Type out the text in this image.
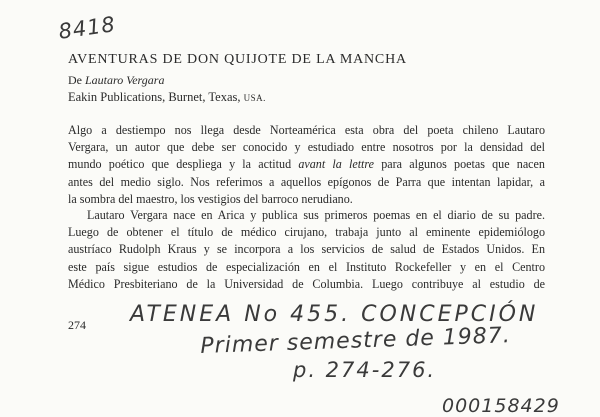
8418
AVENTURAS DE DON QUIJOTE DE LA MANCHA
De Lautaro Vergara
Eakin Publications, Burnet, Texas, USA.
Algo a destiempo nos llega desde Norteamérica esta obra del poeta chileno Lautaro
Vergara, un autor que debe ser conocido y estudiado entre nosotros por la densidad del
mundo poético que despliega y la actitud avant la lettre para algunos poetas que nacen
antes del medio siglo. Nos referimos a aquellos epígonos de Parra que intentan lapidar, a
la sombra del maestro, los vestigios del barroco nerudiano.
Lautaro Vergara nace en Arica y publica sus primeros poemas en el diario de su padre.
Luego de obtener el título de médico cirujano, trabaja junto al eminente epidemiólogo
austríaco Rudolph Kraus y se incorpora a los servicios de salud de Estados Unidos. En
este país sigue estudios de especialización en el Instituto Rockefeller y en el Centro
Médico Presbiteriano de la Universidad de Columbia. Luego contribuye al estudio de
274 ATENEA No 455. CONCEPCIÓN
Primer semestre de 1987.
p. 274-276.
000158429
